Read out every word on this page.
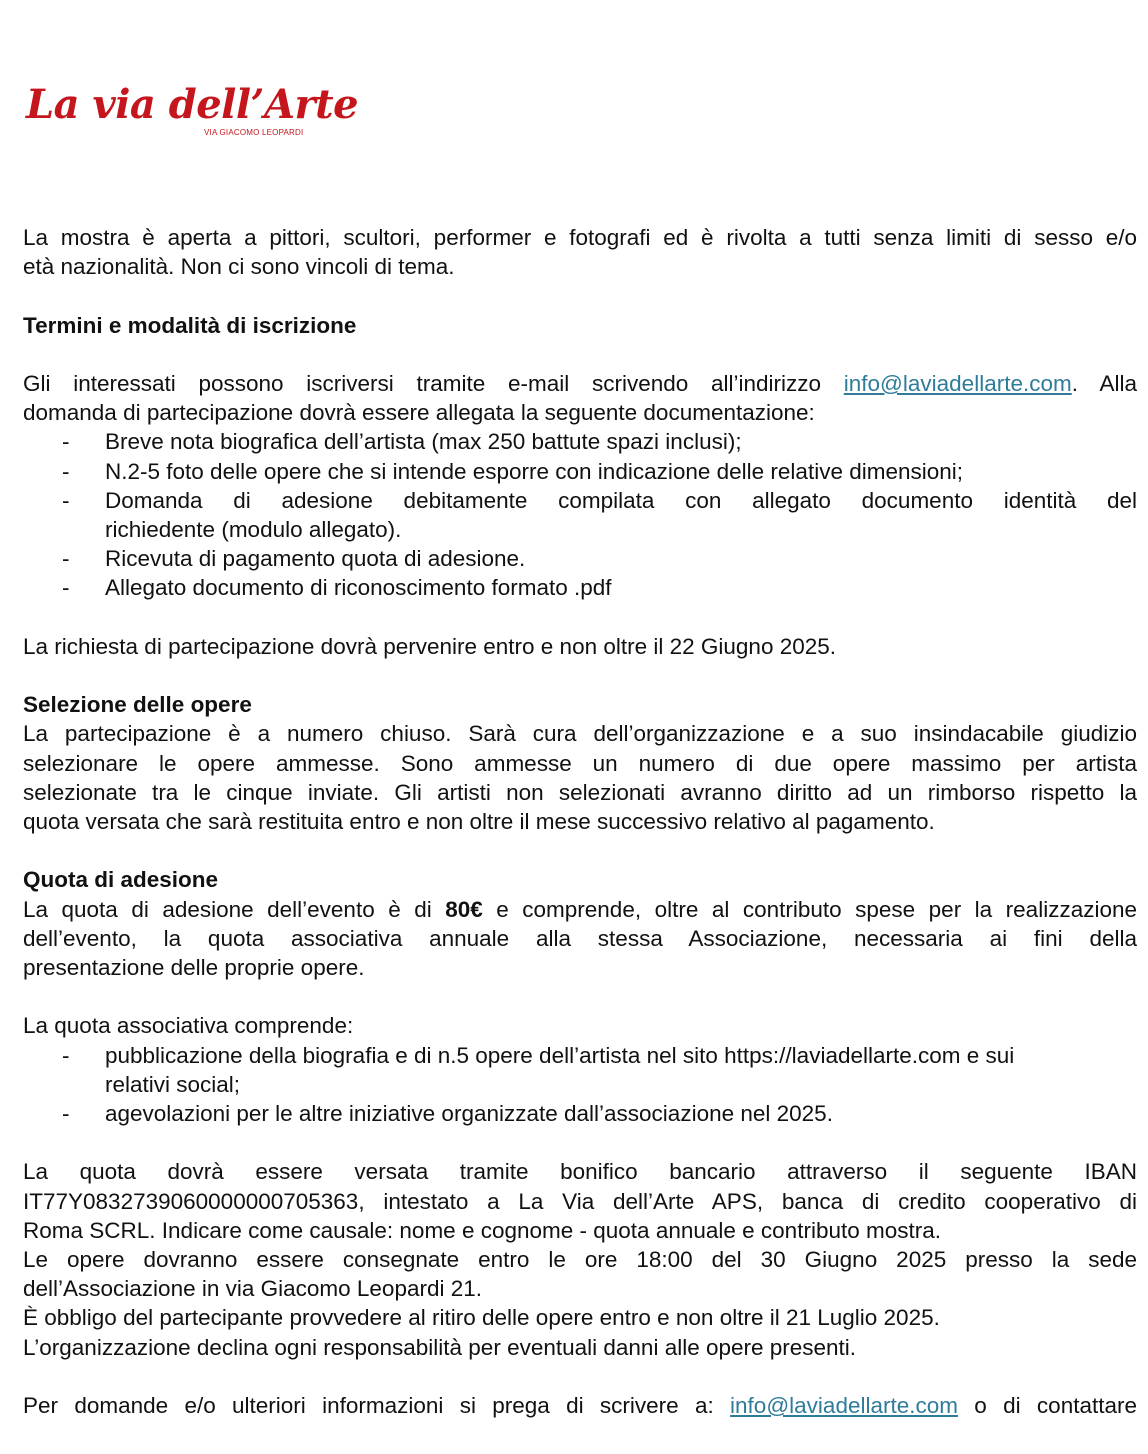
La via dell’Arte
VIA GIACOMO LEOPARDI

La mostra è aperta a pittori, scultori, performer e fotografi ed è rivolta a tutti senza limiti di sesso e/o

età nazionalità. Non ci sono vincoli di tema.

Termini e modalità di iscrizione

Gli interessati possono iscriversi tramite e-mail scrivendo all’indirizzo info@laviadellarte.com. Alla

domanda di partecipazione dovrà essere allegata la seguente documentazione:

- Breve nota biografica dell’artista (max 250 battute spazi inclusi);
- N.2-5 foto delle opere che si intende esporre con indicazione delle relative dimensioni;
- Domanda di adesione debitamente compilata con allegato documento identità del
richiedente (modulo allegato).
- Ricevuta di pagamento quota di adesione.
- Allegato documento di riconoscimento formato .pdf

La richiesta di partecipazione dovrà pervenire entro e non oltre il 22 Giugno 2025.

Selezione delle opere

La partecipazione è a numero chiuso. Sarà cura dell’organizzazione e a suo insindacabile giudizio

selezionare le opere ammesse. Sono ammesse un numero di due opere massimo per artista

selezionate tra le cinque inviate. Gli artisti non selezionati avranno diritto ad un rimborso rispetto la

quota versata che sarà restituita entro e non oltre il mese successivo relativo al pagamento.

Quota di adesione

La quota di adesione dell’evento è di 80€ e comprende, oltre al contributo spese per la realizzazione

dell’evento, la quota associativa annuale alla stessa Associazione, necessaria ai fini della

presentazione delle proprie opere.

La quota associativa comprende:

- pubblicazione della biografia e di n.5 opere dell’artista nel sito https://laviadellarte.com e sui
relativi social;
- agevolazioni per le altre iniziative organizzate dall’associazione nel 2025.

La quota dovrà essere versata tramite bonifico bancario attraverso il seguente IBAN

IT77Y0832739060000000705363, intestato a La Via dell’Arte APS, banca di credito cooperativo di

Roma SCRL. Indicare come causale: nome e cognome - quota annuale e contributo mostra.

Le opere dovranno essere consegnate entro le ore 18:00 del 30 Giugno 2025 presso la sede

dell’Associazione in via Giacomo Leopardi 21.

È obbligo del partecipante provvedere al ritiro delle opere entro e non oltre il 21 Luglio 2025.

L’organizzazione declina ogni responsabilità per eventuali danni alle opere presenti.

Per domande e/o ulteriori informazioni si prega di scrivere a: info@laviadellarte.com o di contattare
